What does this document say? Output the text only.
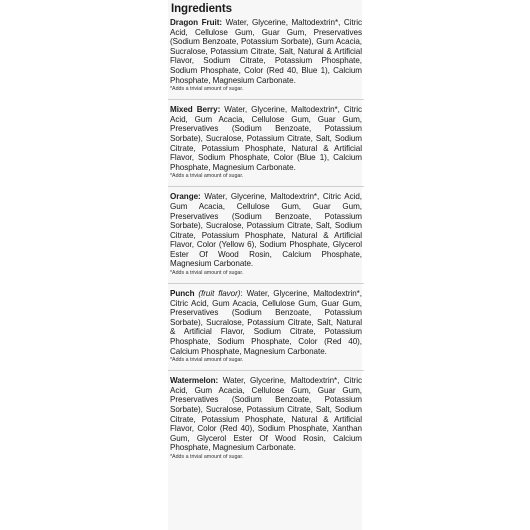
Ingredients

Dragon Fruit: Water, Glycerine, Maltodextrin*, Citric Acid, Cellulose Gum, Guar Gum, Preservatives (Sodium Benzoate, Potassium Sorbate), Gum Acacia, Sucralose, Potassium Citrate, Salt, Natural & Artificial Flavor, Sodium Citrate, Potassium Phosphate, Sodium Phosphate, Color (Red 40, Blue 1), Calcium Phosphate, Magnesium Carbonate.

*Adds a trivial amount of sugar.

Mixed Berry: Water, Glycerine, Maltodextrin*, Citric Acid, Gum Acacia, Cellulose Gum, Guar Gum, Preservatives (Sodium Benzoate, Potassium Sorbate), Sucralose, Potassium Citrate, Salt, Sodium Citrate, Potassium Phosphate, Natural & Artificial Flavor, Sodium Phosphate, Color (Blue 1), Calcium Phosphate, Magnesium Carbonate.

*Adds a trivial amount of sugar.

Orange: Water, Glycerine, Maltodextrin*, Citric Acid, Gum Acacia, Cellulose Gum, Guar Gum, Preservatives (Sodium Benzoate, Potassium Sorbate), Sucralose, Potassium Citrate, Salt, Sodium Citrate, Potassium Phosphate, Natural & Artificial Flavor, Color (Yellow 6), Sodium Phosphate, Glycerol Ester Of Wood Rosin, Calcium Phosphate, Magnesium Carbonate.

*Adds a trivial amount of sugar.

Punch (fruit flavor): Water, Glycerine, Maltodextrin*, Citric Acid, Gum Acacia, Cellulose Gum, Guar Gum, Preservatives (Sodium Benzoate, Potassium Sorbate), Sucralose, Potassium Citrate, Salt, Natural & Artificial Flavor, Sodium Citrate, Potassium Phosphate, Sodium Phosphate, Color (Red 40), Calcium Phosphate, Magnesium Carbonate.

*Adds a trivial amount of sugar.

Watermelon: Water, Glycerine, Maltodextrin*, Citric Acid, Gum Acacia, Cellulose Gum, Guar Gum, Preservatives (Sodium Benzoate, Potassium Sorbate), Sucralose, Potassium Citrate, Salt, Sodium Citrate, Potassium Phosphate, Natural & Artificial Flavor, Color (Red 40), Sodium Phosphate, Xanthan Gum, Glycerol Ester Of Wood Rosin, Calcium Phosphate, Magnesium Carbonate.

*Adds a trivial amount of sugar.
